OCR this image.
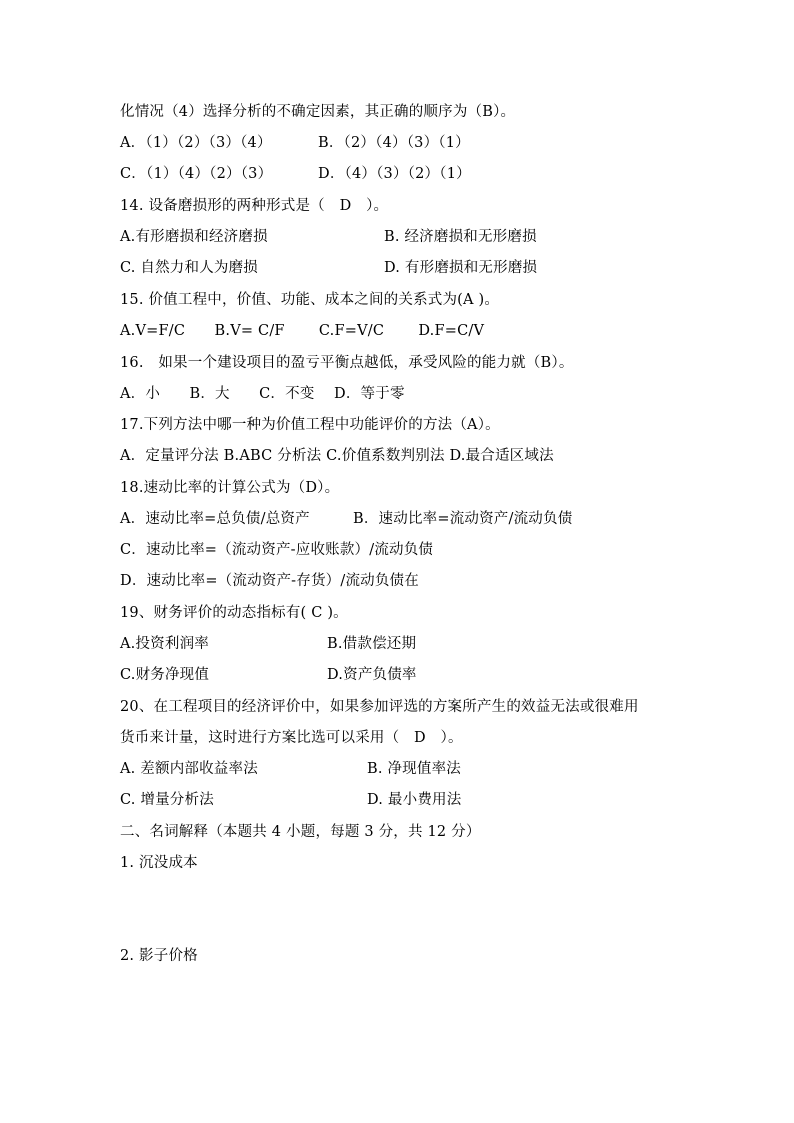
化情况（4）选择分析的不确定因素，其正确的顺序为（B）。
A．（1）（2）（3）（4）	B．（2）（4）（3）（1）
C．（1）（4）（2）（3）	D．（4）（3）（2）（1）
14. 设备磨损形的两种形式是（　D　）。
A.有形磨损和经济磨损	B. 经济磨损和无形磨损
C. 自然力和人为磨损	D. 有形磨损和无形磨损
15. 价值工程中，价值、功能、成本之间的关系式为(A )。
A.V=F/C　　B.V= C/F　　 C.F=V/C　　 D.F=C/V
16.　如果一个建设项目的盈亏平衡点越低，承受风险的能力就（B）。
A．小　　B．大　　C．不变　 D．等于零
17.下列方法中哪一种为价值工程中功能评价的方法（A）。
A．定量评分法 B.ABC 分析法 C.价值系数判别法 D.最合适区域法
18.速动比率的计算公式为（D）。
A．速动比率=总负债/总资产	B．速动比率=流动资产/流动负债
C．速动比率=（流动资产-应收账款）/流动负债
D．速动比率=（流动资产-存货）/流动负债在
19、财务评价的动态指标有( C )。
A.投资利润率	B.借款偿还期
C.财务净现值	D.资产负债率
20、在工程项目的经济评价中，如果参加评选的方案所产生的效益无法或很难用
货币来计量，这时进行方案比选可以采用（　D　）。
A. 差额内部收益率法	B. 净现值率法
C. 增量分析法	D. 最小费用法
二、名词解释（本题共 4 小题，每题 3 分，共 12 分）
1. 沉没成本
2. 影子价格
